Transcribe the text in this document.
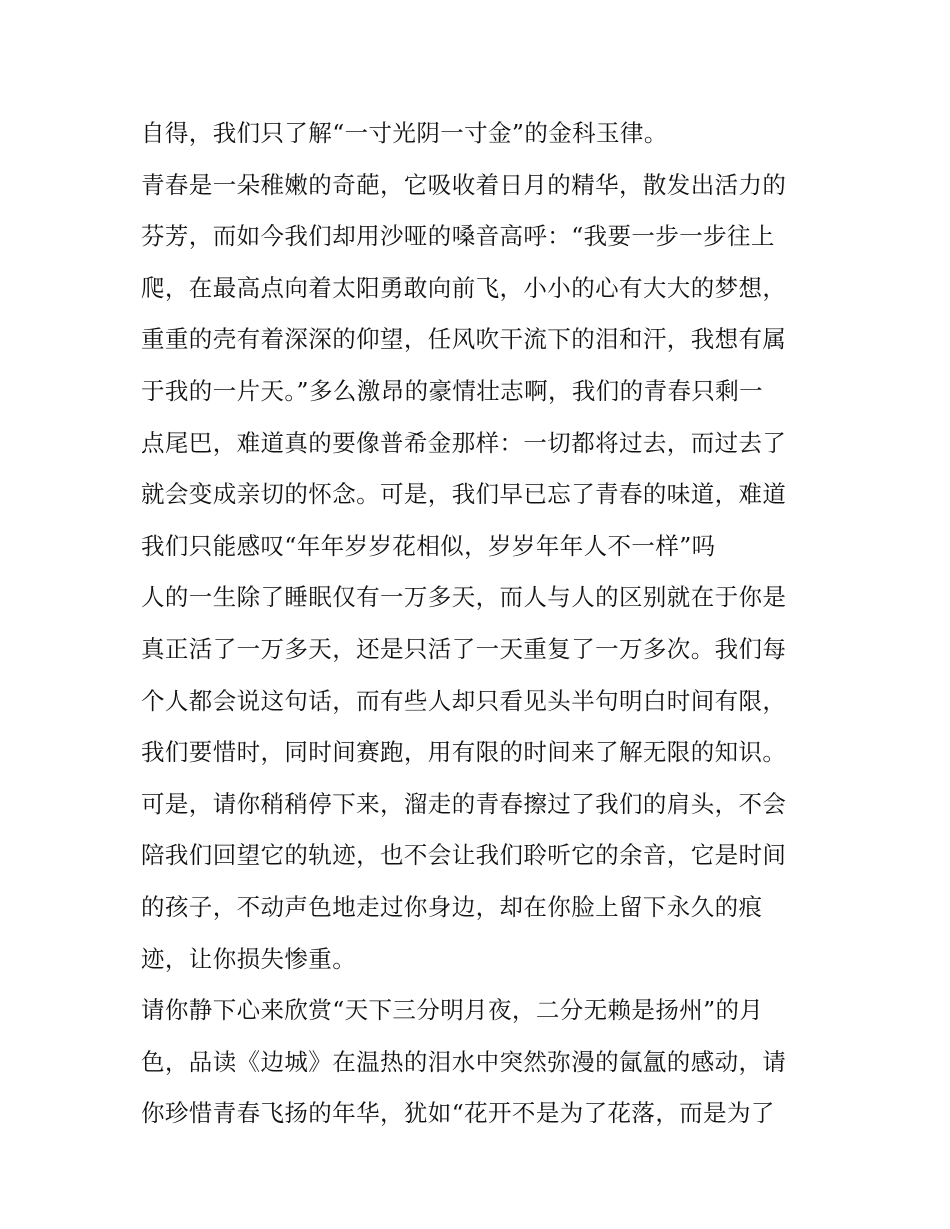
自得，我们只了解“一寸光阴一寸金”的金科玉律。
青春是一朵稚嫩的奇葩，它吸收着日月的精华，散发出活力的
芬芳，而如今我们却用沙哑的嗓音高呼：“我要一步一步往上
爬，在最高点向着太阳勇敢向前飞，小小的心有大大的梦想，
重重的壳有着深深的仰望，任风吹干流下的泪和汗，我想有属
于我的一片天。”多么激昂的豪情壮志啊，我们的青春只剩一
点尾巴，难道真的要像普希金那样：一切都将过去，而过去了
就会变成亲切的怀念。可是，我们早已忘了青春的味道，难道
我们只能感叹“年年岁岁花相似，岁岁年年人不一样”吗
人的一生除了睡眠仅有一万多天，而人与人的区别就在于你是
真正活了一万多天，还是只活了一天重复了一万多次。我们每
个人都会说这句话，而有些人却只看见头半句明白时间有限，
我们要惜时，同时间赛跑，用有限的时间来了解无限的知识。
可是，请你稍稍停下来，溜走的青春擦过了我们的肩头，不会
陪我们回望它的轨迹，也不会让我们聆听它的余音，它是时间
的孩子，不动声色地走过你身边，却在你脸上留下永久的痕
迹，让你损失惨重。
请你静下心来欣赏“天下三分明月夜，二分无赖是扬州”的月
色，品读《边城》在温热的泪水中突然弥漫的氤氲的感动，请
你珍惜青春飞扬的年华，犹如“花开不是为了花落，而是为了
